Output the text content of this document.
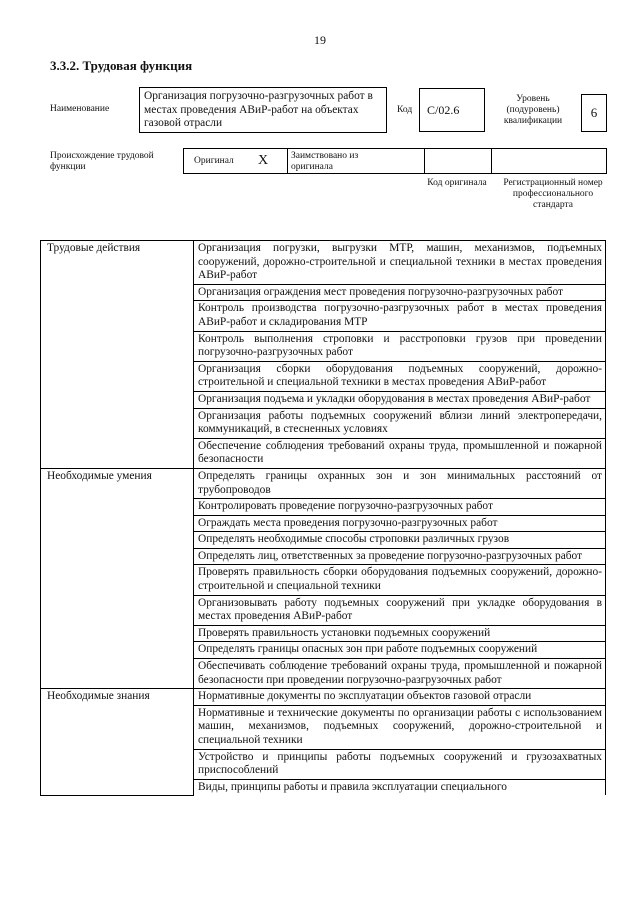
19
3.3.2. Трудовая функция
Наименование
Организация погрузочно-разгрузочных работ в местах проведения АВиР-работ на объектах газовой отрасли
Код C/02.6
Уровень (подуровень) квалификации
6
Происхождение трудовой функции
Оригинал X Заимствовано из оригинала
Код оригинала	Регистрационный номер профессионального стандарта
Трудовые действия	Организация погрузки, выгрузки МТР, машин, механизмов, подъемных сооружений, дорожно-строительной и специальной техники в местах проведения АВиР-работ
	Организация ограждения мест проведения погрузочно-разгрузочных работ
	Контроль производства погрузочно-разгрузочных работ в местах проведения АВиР-работ и складирования МТР
	Контроль выполнения строповки и расстроповки грузов при проведении погрузочно-разгрузочных работ
	Организация сборки оборудования подъемных сооружений, дорожно-строительной и специальной техники в местах проведения АВиР-работ
	Организация подъема и укладки оборудования в местах проведения АВиР-работ
	Организация работы подъемных сооружений вблизи линий электропередачи, коммуникаций, в стесненных условиях
	Обеспечение соблюдения требований охраны труда, промышленной и пожарной безопасности
Необходимые умения	Определять границы охранных зон и зон минимальных расстояний от трубопроводов
	Контролировать проведение погрузочно-разгрузочных работ
	Ограждать места проведения погрузочно-разгрузочных работ
	Определять необходимые способы строповки различных грузов
	Определять лиц, ответственных за проведение погрузочно-разгрузочных работ
	Проверять правильность сборки оборудования подъемных сооружений, дорожно-строительной и специальной техники
	Организовывать работу подъемных сооружений при укладке оборудования в местах проведения АВиР-работ
	Проверять правильность установки подъемных сооружений
	Определять границы опасных зон при работе подъемных сооружений
	Обеспечивать соблюдение требований охраны труда, промышленной и пожарной безопасности при проведении погрузочно-разгрузочных работ
Необходимые знания	Нормативные документы по эксплуатации объектов газовой отрасли
	Нормативные и технические документы по организации работы с использованием машин, механизмов, подъемных сооружений, дорожно-строительной и специальной техники
	Устройство и принципы работы подъемных сооружений и грузозахватных приспособлений
	Виды, принципы работы и правила эксплуатации специального
